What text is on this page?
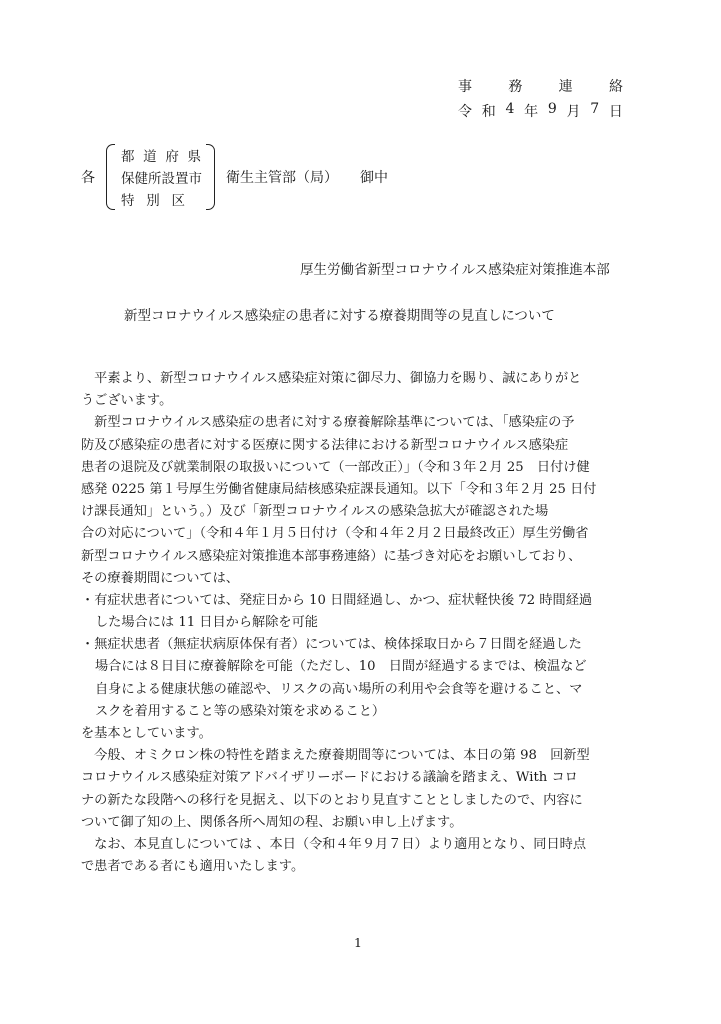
事	務	連	絡
令 和 4 年 9 月 7 日
各
都 道 府 県
保健所設置市
特 別 区
衛生主管部（局） 御中
厚生労働省新型コロナウイルス感染症対策推進本部
新型コロナウイルス感染症の患者に対する療養期間等の見直しについて
　平素より、新型コロナウイルス感染症対策に御尽力、御協力を賜り、誠にありがと
うございます。
　新型コロナウイルス感染症の患者に対する療養解除基準については、「感染症の予
防及び感染症の患者に対する医療に関する法律における新型コロナウイルス感染症
患者の退院及び就業制限の取扱いについて（一部改正）」（令和３年２月 25　日付け健
感発 0225 第１号厚生労働省健康局結核感染症課長通知。以下「令和３年２月 25 日付
け課長通知」という。）及び「新型コロナウイルスの感染急拡大が確認された場
合の対応について」（令和４年１月５日付け（令和４年２月２日最終改正）厚生労働省
新型コロナウイルス感染症対策推進本部事務連絡）に基づき対応をお願いしており、
その療養期間については、
・有症状患者については、発症日から 10 日間経過し、かつ、症状軽快後 72 時間経過
した場合には 11 日目から解除を可能
・無症状患者（無症状病原体保有者）については、検体採取日から７日間を経過した
場合には８日目に療養解除を可能（ただし、10　日間が経過するまでは、検温など
自身による健康状態の確認や、リスクの高い場所の利用や会食等を避けること、マ
スクを着用すること等の感染対策を求めること）
を基本としています。
　今般、オミクロン株の特性を踏まえた療養期間等については、本日の第 98　回新型
コロナウイルス感染症対策アドバイザリーボードにおける議論を踏まえ、With コロ
ナの新たな段階への移行を見据え、以下のとおり見直すこととしましたので、内容に
ついて御了知の上、関係各所へ周知の程、お願い申し上げます。
　なお、本見直しについては 、本日（令和４年９月７日）より適用となり、同日時点
で患者である者にも適用いたします。
1
